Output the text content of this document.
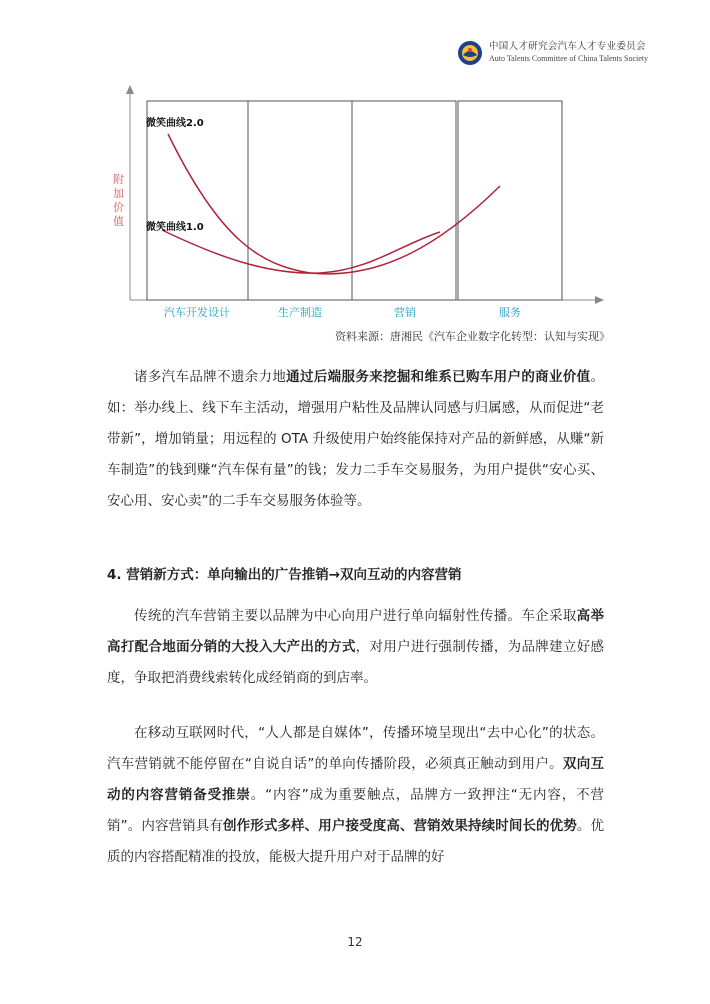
中国人才研究会汽车人才专业委员会
Auto Talents Committee of China Talents Society
微笑曲线2.0
微笑曲线1.0
附
加
价
值
汽车开发设计	生产制造	营销	服务
资料来源：唐湘民《汽车企业数字化转型：认知与实现》

诸多汽车品牌不遗余力地通过后端服务来挖掘和维系已购车用户的商业价值。如：举办线上、线下车主活动，增强用户粘性及品牌认同感与归属感，从而促进“老带新”，增加销量；用远程的 OTA 升级使用户始终能保持对产品的新鲜感，从赚“新车制造”的钱到赚“汽车保有量”的钱；发力二手车交易服务，为用户提供“安心买、安心用、安心卖”的二手车交易服务体验等。

4. 营销新方式：单向输出的广告推销→双向互动的内容营销

传统的汽车营销主要以品牌为中心向用户进行单向辐射性传播。车企采取高举高打配合地面分销的大投入大产出的方式，对用户进行强制传播，为品牌建立好感度，争取把消费线索转化成经销商的到店率。

在移动互联网时代，“人人都是自媒体”，传播环境呈现出“去中心化”的状态。汽车营销就不能停留在“自说自话”的单向传播阶段，必须真正触动到用户。双向互动的内容营销备受推崇。“内容”成为重要触点，品牌方一致押注“无内容，不营销”。内容营销具有创作形式多样、用户接受度高、营销效果持续时间长的优势。优质的内容搭配精准的投放，能极大提升用户对于品牌的好

12
